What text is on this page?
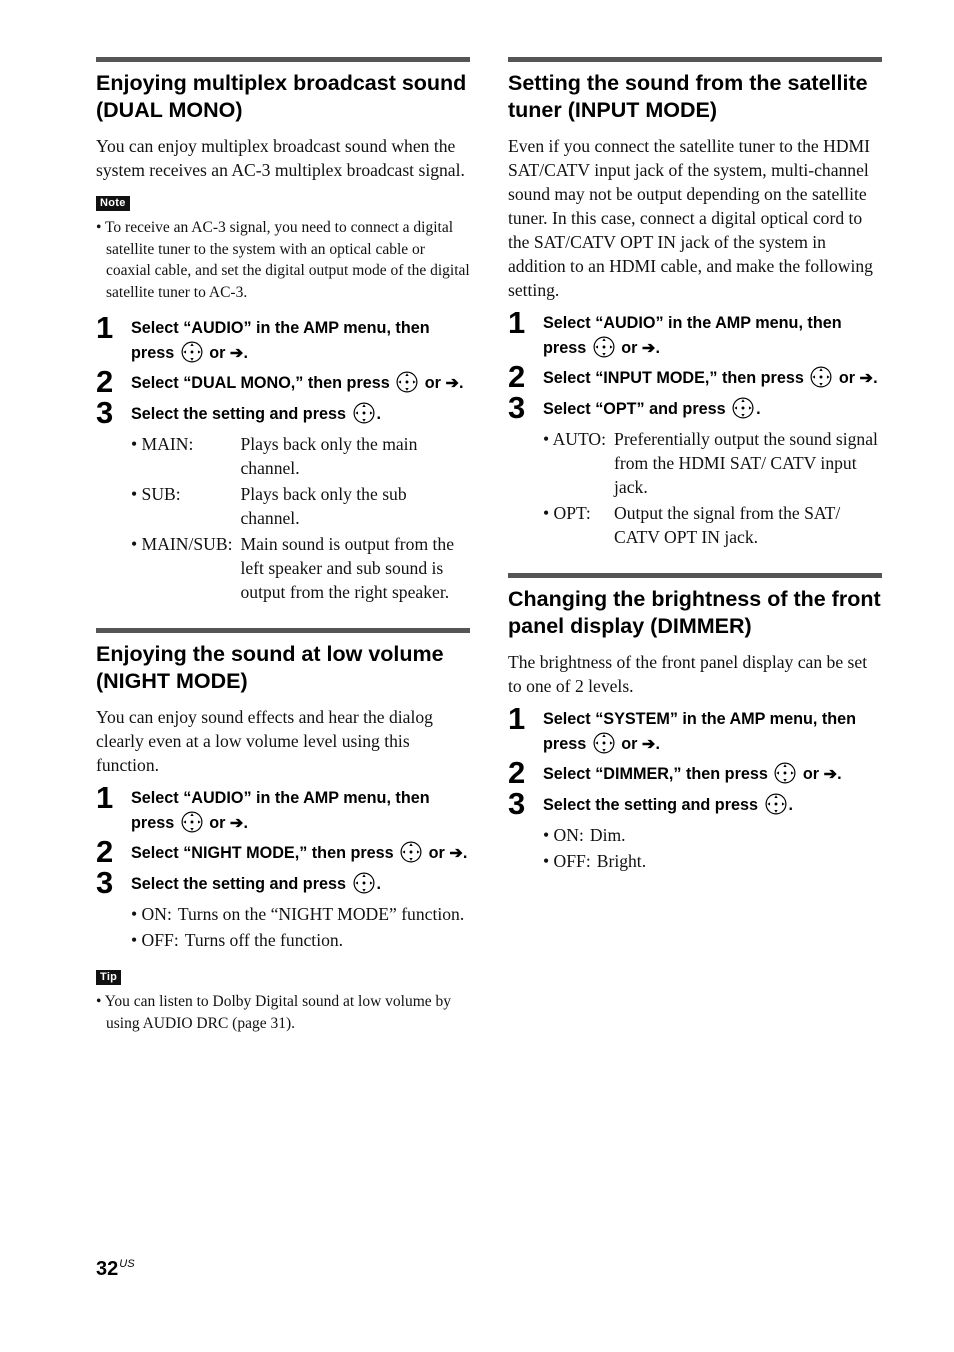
Enjoying multiplex broadcast sound (DUAL MONO)

You can enjoy multiplex broadcast sound when the system receives an AC-3 multiplex broadcast signal.

Note

• To receive an AC-3 signal, you need to connect a digital satellite tuner to the system with an optical cable or coaxial cable, and set the digital output mode of the digital satellite tuner to AC-3.

1 Select “AUDIO” in the AMP menu, then press or ➔.
2 Select “DUAL MONO,” then press or ➔.
3 Select the setting and press .
• MAIN:	Plays back only the main channel.
• SUB:	Plays back only the sub channel.
• MAIN/SUB:	Main sound is output from the left speaker and sub sound is output from the right speaker.
Enjoying the sound at low volume (NIGHT MODE)

You can enjoy sound effects and hear the dialog clearly even at a low volume level using this function.

1 Select “AUDIO” in the AMP menu, then press or ➔.
2 Select “NIGHT MODE,” then press or ➔.
3 Select the setting and press .
• ON: Turns on the “NIGHT MODE” function.
• OFF: Turns off the function.
Tip

• You can listen to Dolby Digital sound at low volume by using AUDIO DRC (page 31).

Setting the sound from the satellite tuner (INPUT MODE)

Even if you connect the satellite tuner to the HDMI SAT/CATV input jack of the system, multi-channel sound may not be output depending on the satellite tuner. In this case, connect a digital optical cord to the SAT/CATV OPT IN jack of the system in addition to an HDMI cable, and make the following setting.

1 Select “AUDIO” in the AMP menu, then press or ➔.
2 Select “INPUT MODE,” then press or ➔.
3 Select “OPT” and press .
• AUTO:	Preferentially output the sound signal from the HDMI SAT/ CATV input jack.
• OPT:	Output the signal from the SAT/ CATV OPT IN jack.
Changing the brightness of the front panel display (DIMMER)

The brightness of the front panel display can be set to one of 2 levels.

1 Select “SYSTEM” in the AMP menu, then press or ➔.
2 Select “DIMMER,” then press or ➔.
3 Select the setting and press .
• ON: Dim.
• OFF: Bright.
$32^{US}$
